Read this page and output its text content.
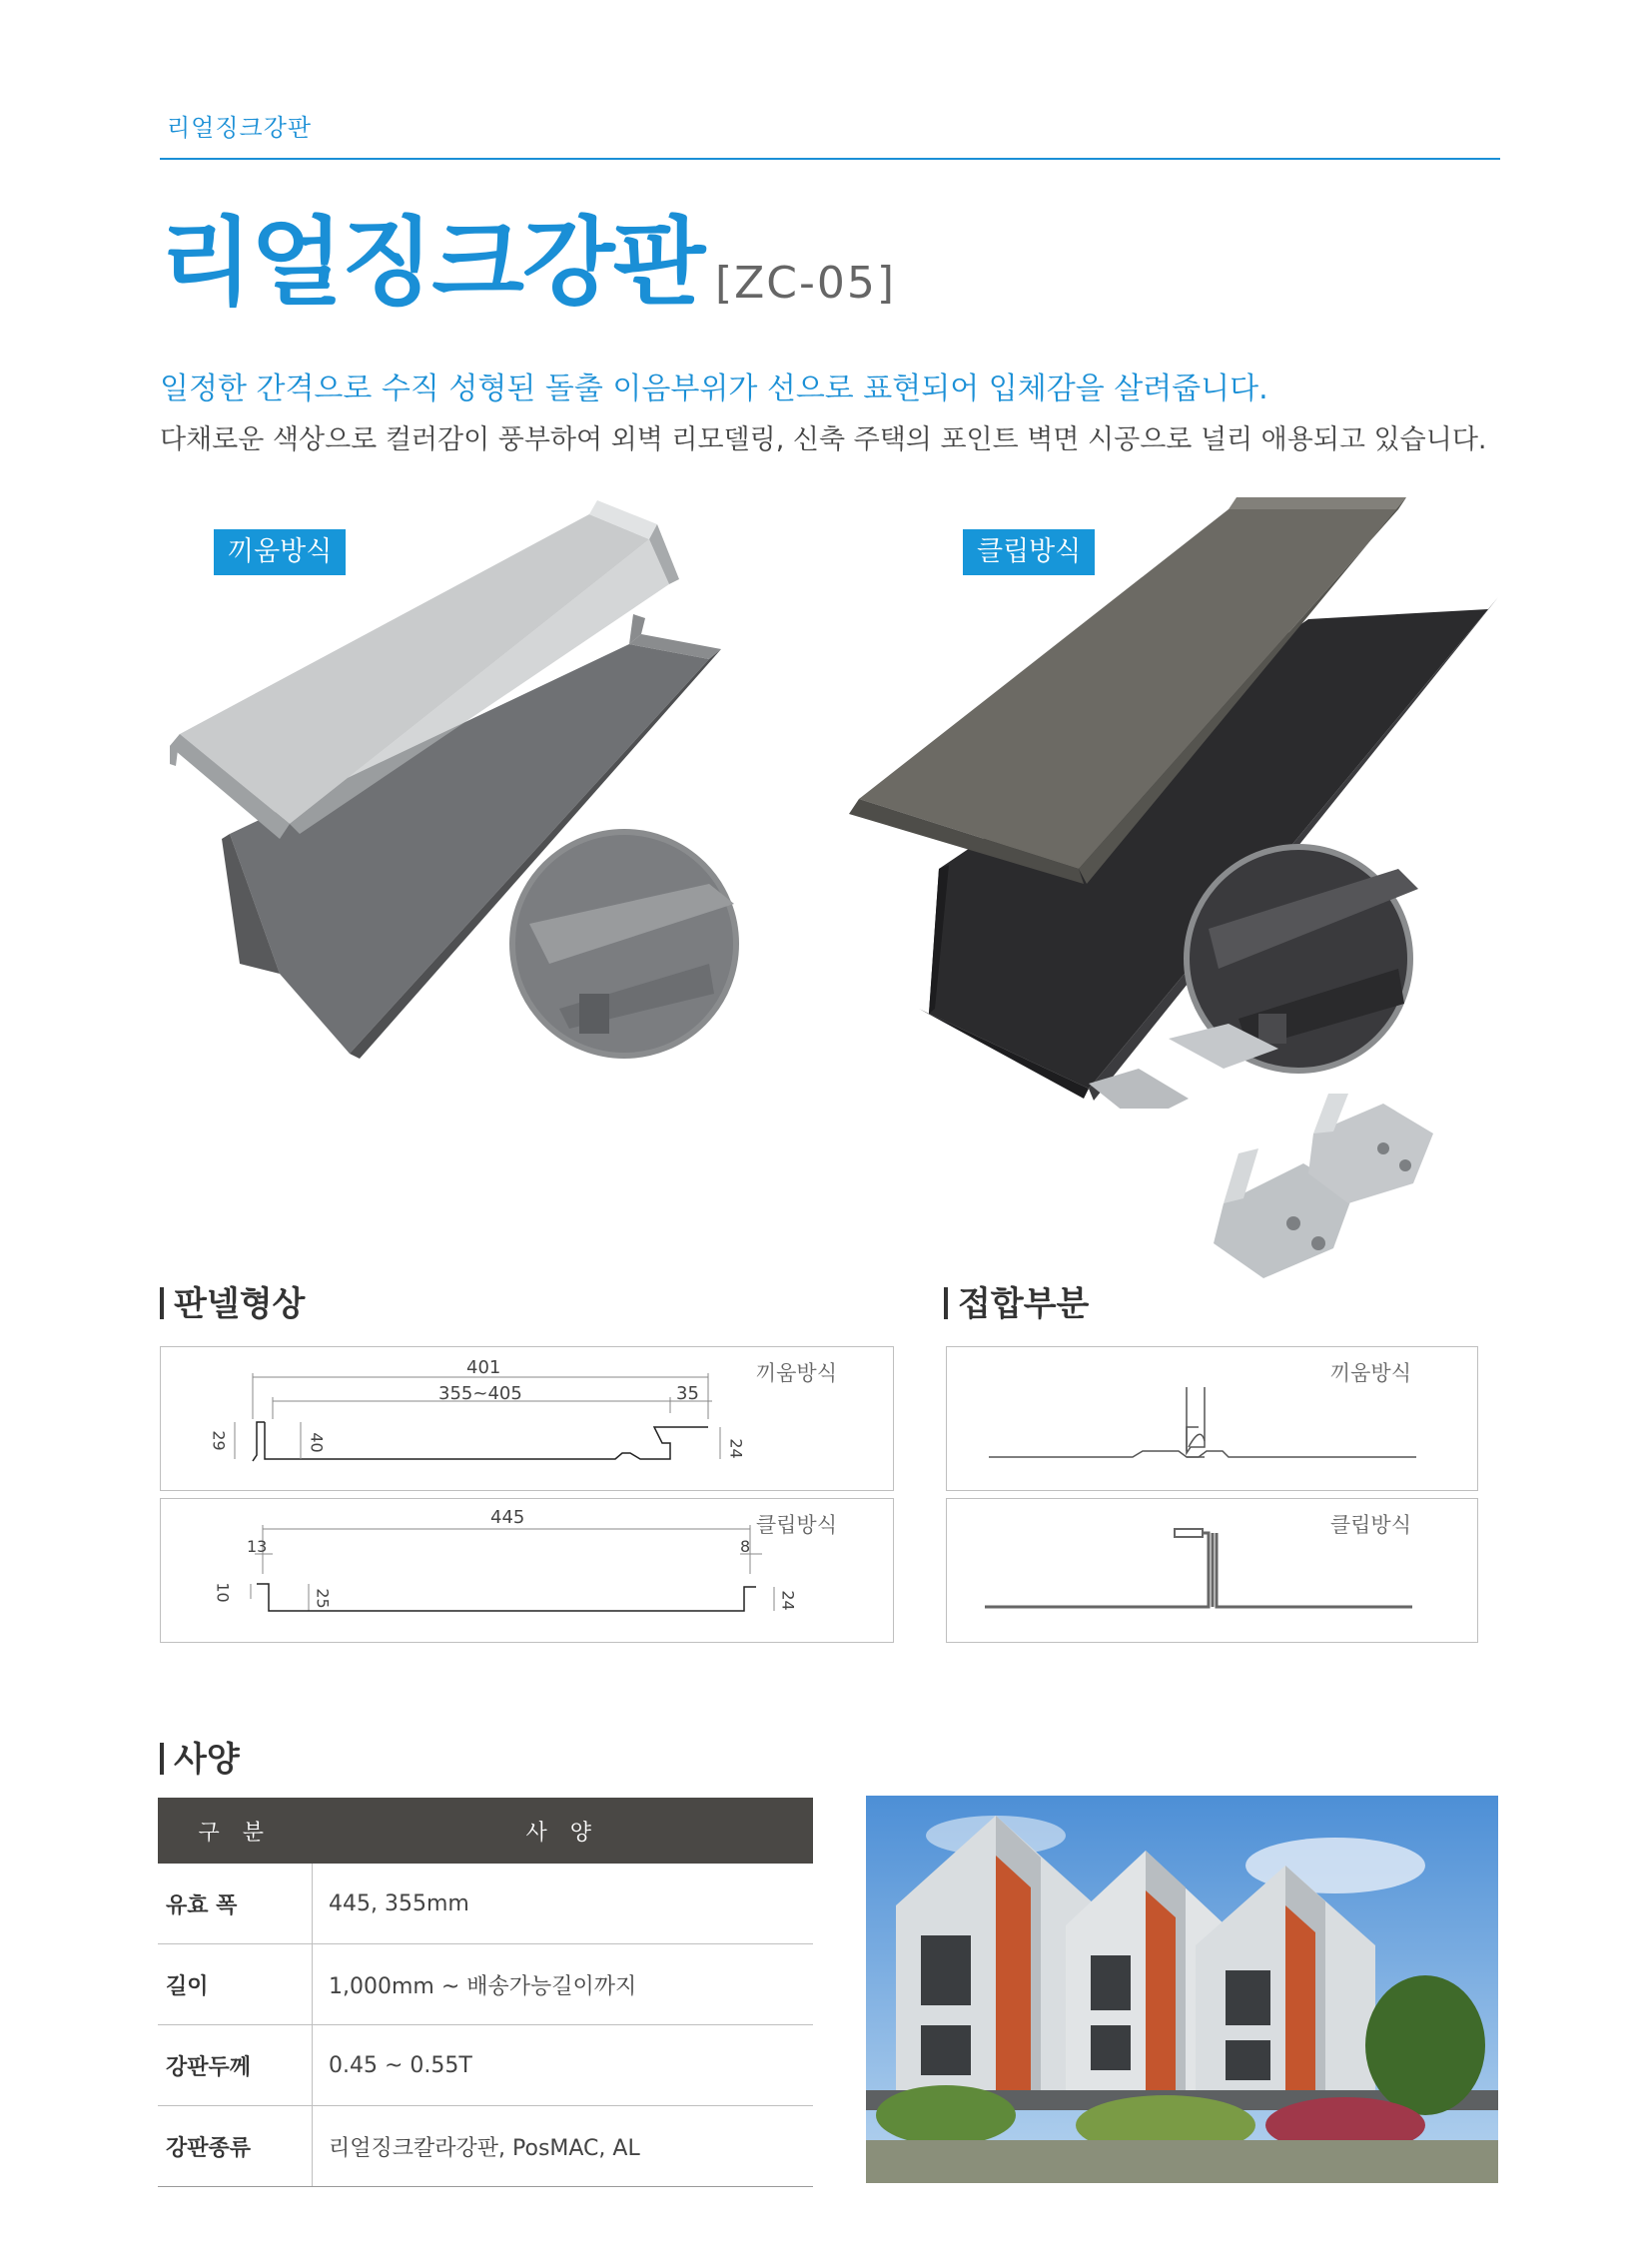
리얼징크강판
리얼징크강판 [ZC-05]
일정한 간격으로 수직 성형된 돌출 이음부위가 선으로 표현되어 입체감을 살려줍니다.
다채로운 색상으로 컬러감이 풍부하여 외벽 리모델링, 신축 주택의 포인트 벽면 시공으로 널리 애용되고 있습니다.
끼움방식	클립방식
판넬형상
끼움방식
401
355~405	35
29	40	24
클립방식
445
13	8
10	25	24
접합부분
끼움방식
클립방식
사양
구 분	사 양
유효 폭	445, 355mm
길이	1,000mm ~ 배송가능길이까지
강판두께	0.45 ~ 0.55T
강판종류	리얼징크칼라강판, PosMAC, AL
